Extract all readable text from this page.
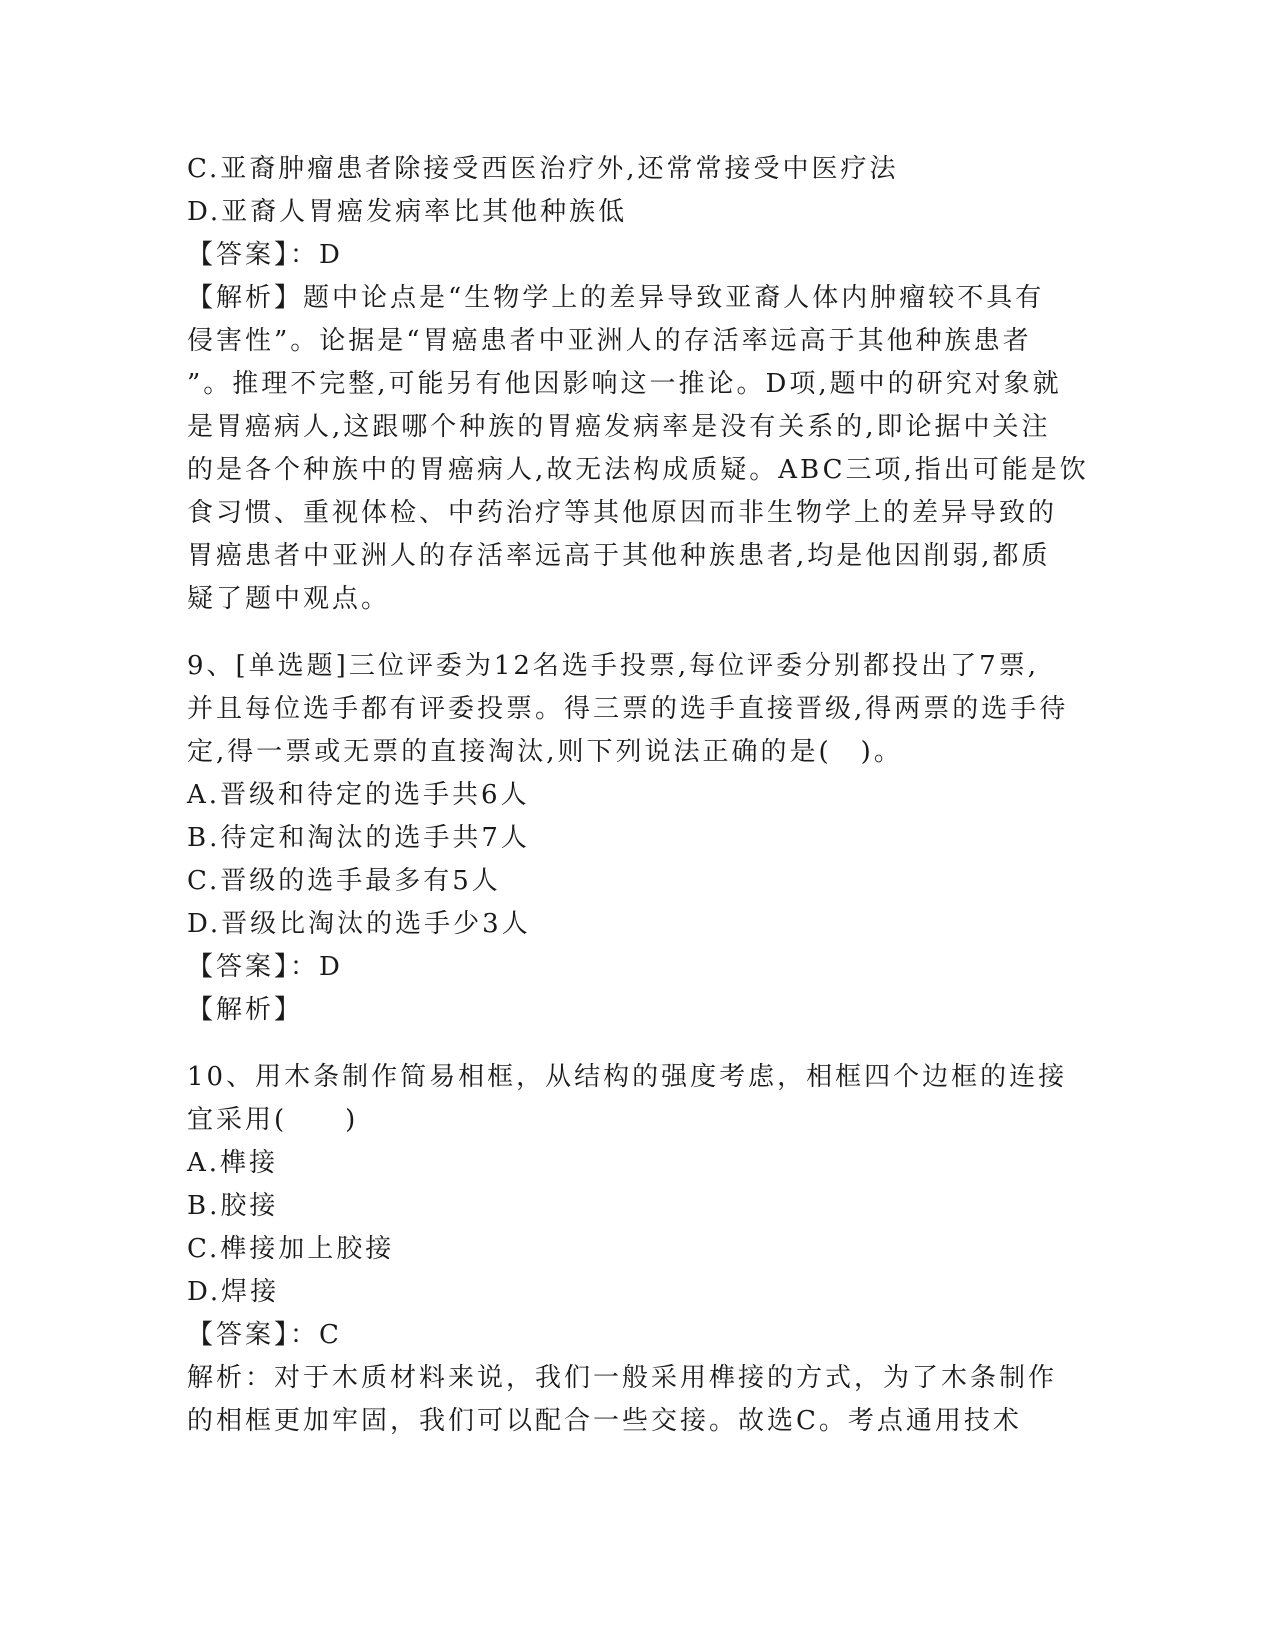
C.亚裔肿瘤患者除接受西医治疗外,还常常接受中医疗法
D.亚裔人胃癌发病率比其他种族低
【答案】：D
【解析】题中论点是“生物学上的差异导致亚裔人体内肿瘤较不具有
侵害性”。论据是“胃癌患者中亚洲人的存活率远高于其他种族患者
”。推理不完整,可能另有他因影响这一推论。D项,题中的研究对象就
是胃癌病人,这跟哪个种族的胃癌发病率是没有关系的,即论据中关注
的是各个种族中的胃癌病人,故无法构成质疑。ABC三项,指出可能是饮
食习惯、重视体检、中药治疗等其他原因而非生物学上的差异导致的
胃癌患者中亚洲人的存活率远高于其他种族患者,均是他因削弱,都质
疑了题中观点。
9、[单选题]三位评委为12名选手投票,每位评委分别都投出了7票,
并且每位选手都有评委投票。得三票的选手直接晋级,得两票的选手待
定,得一票或无票的直接淘汰,则下列说法正确的是(　)。
A.晋级和待定的选手共6人
B.待定和淘汰的选手共7人
C.晋级的选手最多有5人
D.晋级比淘汰的选手少3人
【答案】：D
【解析】
10、用木条制作简易相框，从结构的强度考虑，相框四个边框的连接
宜采用(　　)
A.榫接
B.胶接
C.榫接加上胶接
D.焊接
【答案】：C
解析：对于木质材料来说，我们一般采用榫接的方式，为了木条制作
的相框更加牢固，我们可以配合一些交接。故选C。考点通用技术
